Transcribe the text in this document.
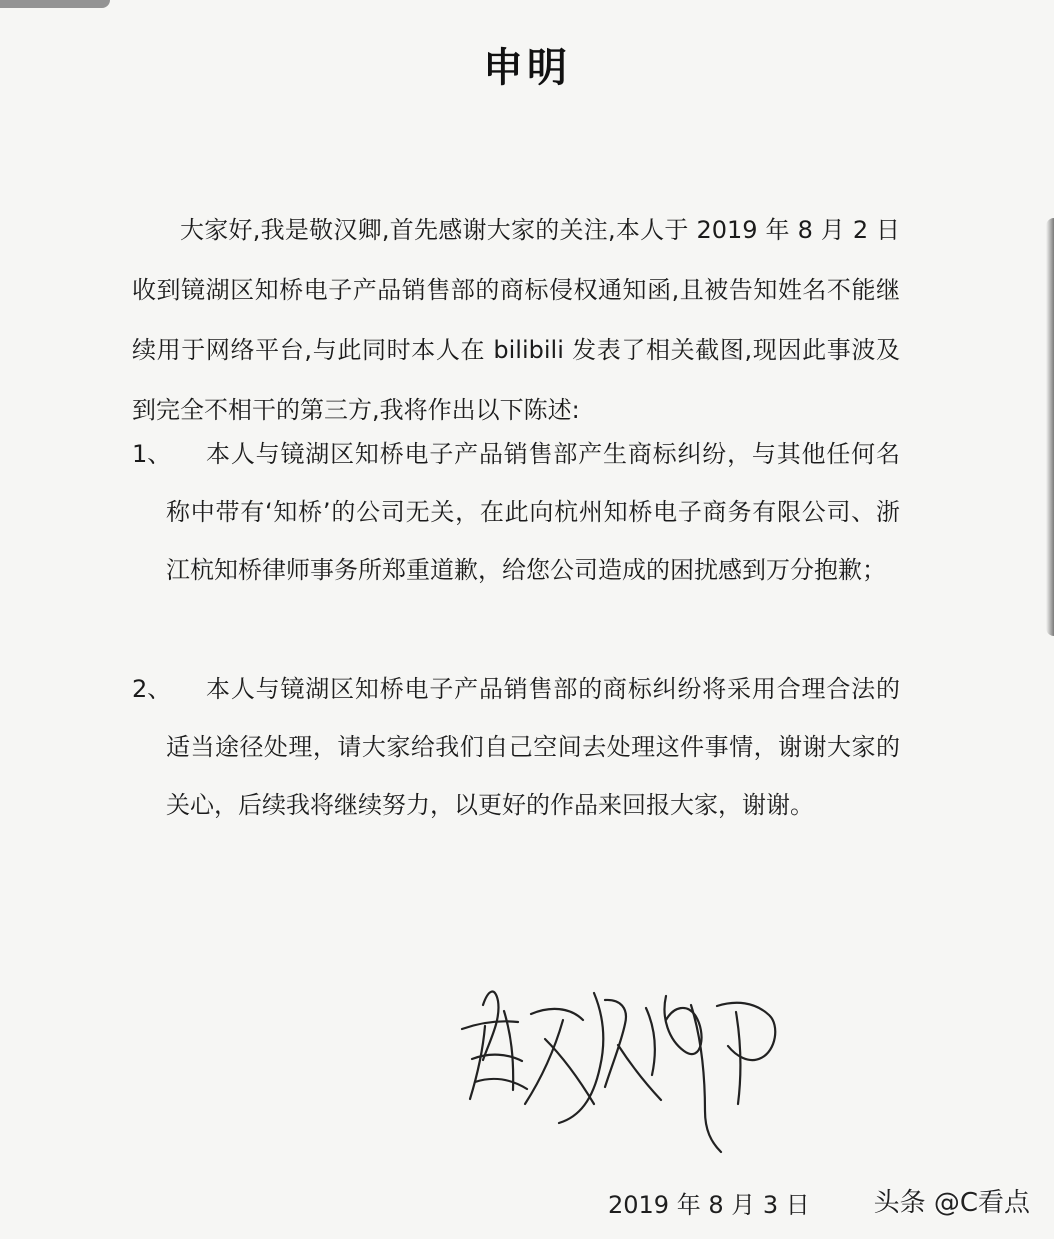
申明

大家好,我是敬汉卿,首先感谢大家的关注,本人于 2019 年 8 月 2 日收到镜湖区知桥电子产品销售部的商标侵权通知函,且被告知姓名不能继续用于网络平台,与此同时本人在 bilibili 发表了相关截图,现因此事波及到完全不相干的第三方,我将作出以下陈述:

1、	本人与镜湖区知桥电子产品销售部产生商标纠纷，与其他任何名称中带有‘知桥’的公司无关，在此向杭州知桥电子商务有限公司、浙江杭知桥律师事务所郑重道歉，给您公司造成的困扰感到万分抱歉；
2、	本人与镜湖区知桥电子产品销售部的商标纠纷将采用合理合法的适当途径处理，请大家给我们自己空间去处理这件事情，谢谢大家的关心，后续我将继续努力，以更好的作品来回报大家，谢谢。
2019 年 8 月 3 日 头条 @C看点
